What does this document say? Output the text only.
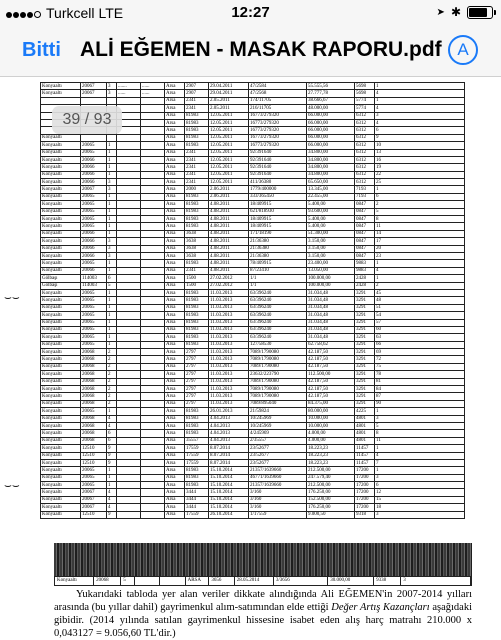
Turkcell LTE	12:27	➤ ✱
Bitti ALİ EĞEMEN - MASAK RAPORU.pdf A
Konyaaltı	20067	3	.......	......	Arsa	2907	29.04.2011	47/2584	55.555,56	5698	1
Konyaaltı	20067	3	......	......	Arsa	2907	29.04.2011	47/2568	27.777,78	5698	4
					Arsa	2341	2.05.2011	174/11705	38.666,67	5774	1
					Arsa	2341	2.05.2011	216/11705	48.000,00	5774	4
					Arsa	81983	12.05.2011	16773/279320	66.000,00	6312	3
					Arsa	81983	12.05.2011	16773/279320	66.000,00	6312	4
					Arsa	81983	12.05.2011	16773/279320	66.000,00	6312	6
Konyaaltı					Arsa	81983	12.05.2011	16773/279320	66.000,00	6312	9
Konyaaltı	20065	1			Arsa	81983	12.05.2011	16773/279320	66.000,00	6312	10
Konyaaltı	20065	1			Arsa	2341	12.05.2011	92/391640	34.800,00	6312	13
Konyaaltı	20066	1			Arsa	2341	12.05.2011	92/391640	34.800,00	6312	16
Konyaaltı	20066	1			Arsa	2341	12.05.2011	92/391640	34.800,00	6312	19
Konyaaltı	20066	1			Arsa	2341	12.05.2011	92/391640	34.800,00	6312	22
Konyaaltı	20066	3			Arsa	2341	12.05.2011	411/36380	65.650,00	6312	25
Konyaaltı	20067	3			Arsa	2000	2.06.2011	1779/400000	13.345,00	7193	1
Konyaaltı	20065	1			Arsa	81983	2.06.2011	333/365450	22.455,00	7193	6
Konyaaltı	20065	1			Arsa	81983	4.08.2011	18/409915	5.400,00	0847	2
Konyaaltı	20065	1			Arsa	81983	4.08.2011	621/818930	93.600,00	0847	5
Konyaaltı	20065	1			Arsa	81983	4.08.2011	18/409915	5.400,00	0847	8
Konyaaltı	20065	1			Arsa	81983	4.08.2011	18/409915	5.400,00	0847	11
Konyaaltı	20066	1			Arsa	3638	4.08.2011	171/18190	51.300,00	0847	14
Konyaaltı	20066	3			Arsa	3638	4.08.2011	21/36380	3.150,00	0847	17
Konyaaltı	20066	3			Arsa	3638	4.08.2011	21/36380	3.150,00	0847	20
Konyaaltı	20066	3			Arsa	3638	4.08.2011	21/36380	3.150,00	0847	23
Konyaaltı	20065	1			Arsa	81983	4.08.2011	78/409915	23.400,00	9883	1
Konyaaltı	20066	1			Arsa	2341	4.08.2011	87/23410	13.050,00	9883	4
Gölbaşı	114003	6			Arsa	1500	27.02.2012	1/1	100.000,00	2428	1
Gölbaşı	114003	5			Arsa	1500	27.02.2012	1/1	100.000,00	2428	2
Konyaaltı	20065	1			Arsa	81983	11.03.2013	63/396240	31.034,48	3291	45
Konyaaltı	20065	1			Arsa	81983	11.03.2013	63/396240	31.034,48	3291	48
Konyaaltı	20065	1			Arsa	81983	11.03.2013	63/396240	31.034,48	3291	51
Konyaaltı	20065	1			Arsa	81983	11.03.2013	63/396240	31.034,48	3291	54
Konyaaltı	20065	1			Arsa	81983	11.03.2013	63/396240	31.034,48	3291	57
Konyaaltı	20065	1			Arsa	81983	11.03.2013	63/396240	31.034,48	3291	60
Konyaaltı	20065	1			Arsa	81983	11.03.2013	63/396240	31.034,48	3291	63
Konyaaltı	20065	1			Arsa	81983	11.03.2013	127/58530	62.758,62	3291	66
Konyaaltı	20068	2			Arsa	2797	11.03.2013	7089/1790080	42.187,50	3291	69
Konyaaltı	20068	2			Arsa	2797	11.03.2013	7089/1790080	42.187,50	3291	72
Konyaaltı	20068	2			Arsa	2797	11.03.2013	7089/1790080	42.187,50	3291	75
Konyaaltı	20068	2			Arsa	2797	11.03.2013	23632/223790	112.500,00	3291	78
Konyaaltı	20068	2			Arsa	2797	11.03.2013	7089/1790080	42.187,50	3291	81
Konyaaltı	20068	2			Arsa	2797	11.03.2013	7089/1790080	42.187,50	3291	84
Konyaaltı	20068	2			Arsa	2797	11.03.2013	7089/1790080	42.187,50	3291	87
Konyaaltı	20068	2			Arsa	2797	11.03.2013	7089/895040	84.375,00	3291	90
Konyaaltı	20065	1			Arsa	81983	26.01.2013	21/59824	80.000,00	4225	1
Konyaaltı	20068	4			Arsa	81983	4.04.2013	10/245969	10.000,00	4801	3
Konyaaltı	20068	4			Arsa	81983	4.04.2013	10/245969	10.000,00	4801	5
Konyaaltı	20068	6			Arsa	81983	4.04.2013	4/245969	4.000,00	4801	8
Konyaaltı	20068	6			Arsa	35557	4.04.2013	2/35557	4.000,00	4801	11
Konyaaltı	12510	9			Arsa	17559	8.07.2014	23/52677	18.223,23	11457	1
Konyaaltı	12510	9			Arsa	17559	8.07.2014	23/52677	18.223,23	11457	4
Konyaaltı	12510	9			Arsa	17559	8.07.2014	23/52677	18.223,23	11457	7
Konyaaltı	20065	1			Arsa	81983	15.10.2014	21357/1639660	212.500,00	17200	1
Konyaaltı	20065	1			Arsa	81983	15.10.2014	46771/1639660	247.579,40	17200	3
Konyaaltı	20065	1			Arsa	81983	15.10.2014	21357/1639660	212.500,00	17200	6
Konyaaltı	20067	4			Arsa	3444	15.10.2014	3/160	176.250,00	17200	12
Konyaaltı	20067	4			Arsa	3444	15.10.2014	3/160	152.500,00	17200	15
Konyaaltı	20067	4			Arsa	3444	15.10.2014	3/160	176.250,00	17200	18
Konyaaltı	12510	9			Arsa	17559	26.10.2014	1/17559	9.000,50	9318	3
39 / 93
⌣⌣
⌣⌣
Konyaaltı	20068	5	ARSA	3656	28.05.2014	3/3656	30.000,00	9338	3

Yukarıdaki tabloda yer alan veriler dikkate alındığında Ali EĞEMEN'in 2007-2014 yılları arasında (bu yıllar dahil) gayrimenkul alım-satımından elde ettiği Değer Artış Kazançları aşağıdaki gibidir. (2014 yılında satılan gayrimenkul hissesine isabet eden alış harç matrahı 210.000 x 0,043127 = 9.056,60 TL'dir.)
